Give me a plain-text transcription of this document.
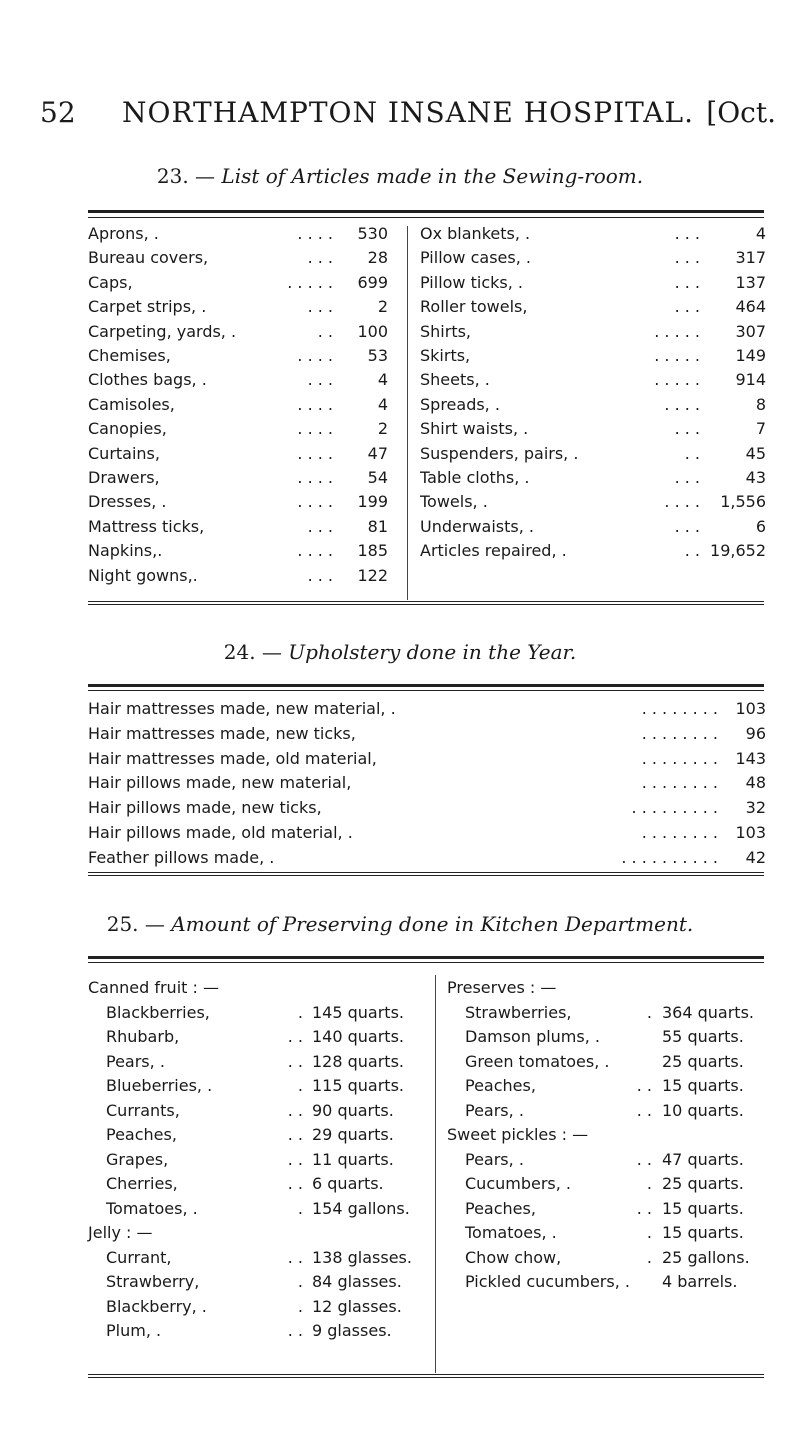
52	NORTHAMPTON INSANE HOSPITAL. [Oct.
23. — List of Articles made in the Sewing-room.
Aprons, .	. . . . 530
Bureau covers,	. . . 28
Caps,	. . . . . 699
Carpet strips, .	. . .	2
Carpeting, yards, .	. . 100
Chemises,	. . . . 53
Clothes bags, .	. . .	4
Camisoles,	. . . .	4
Canopies,	. . . .	2
Curtains,	. . . . 47
Drawers,	. . . . 54
Dresses, .	. . . . 199
Mattress ticks,	. . . 81
Napkins,.	. . . . 185
Night gowns,.	. . . 122
Ox blankets, .	. . .	4
Pillow cases, .	. . . 317
Pillow ticks, .	. . . 137
Roller towels,	. . . 464
Shirts,	. . . . . 307
Skirts,	. . . . . 149
Sheets, .	. . . . . 914
Spreads, .	. . . .	8
Shirt waists, .	. . .	7
Suspenders, pairs, .	. .	45
Table cloths, .	. . .	43
Towels, .	. . . . 1,556
Underwaists, .	. . .	6
Articles repaired, .	. . 19,652
24. — Upholstery done in the Year.
Hair mattresses made, new material, .	. . . . . . . . 103
Hair mattresses made, new ticks,	. . . . . . . . 96
Hair mattresses made, old material,	. . . . . . . . 143
Hair pillows made, new material,	. . . . . . . . 48
Hair pillows made, new ticks,	. . . . . . . . . 32
Hair pillows made, old material, .	. . . . . . . . 103
Feather pillows made, .	. . . . . . . . . . 42
25. — Amount of Preserving done in Kitchen Department.
Canned fruit : —
Blackberries,	. 145 quarts.
Rhubarb,	. . 140 quarts.
Pears, .	. . 128 quarts.
Blueberries, .	. 115 quarts.
Currants,	. . 90 quarts.
Peaches,	. . 29 quarts.
Grapes,	. . 11 quarts.
Cherries,	. . 6 quarts.
Tomatoes, .	. 154 gallons.
Jelly : —
Currant,	. . 138 glasses.
Strawberry,	. 84 glasses.
Blackberry, .	. 12 glasses.
Plum, .	. . 9 glasses.
Preserves : —
Strawberries,	. 364 quarts.
Damson plums, .	55 quarts.
Green tomatoes, .	25 quarts.
Peaches,	. . 15 quarts.
Pears, .	. . 10 quarts.
Sweet pickles : —
Pears, .	. . 47 quarts.
Cucumbers, .	. 25 quarts.
Peaches,	. . 15 quarts.
Tomatoes, .	. 15 quarts.
Chow chow,	. 25 gallons.
Pickled cucumbers, . 4 barrels.
